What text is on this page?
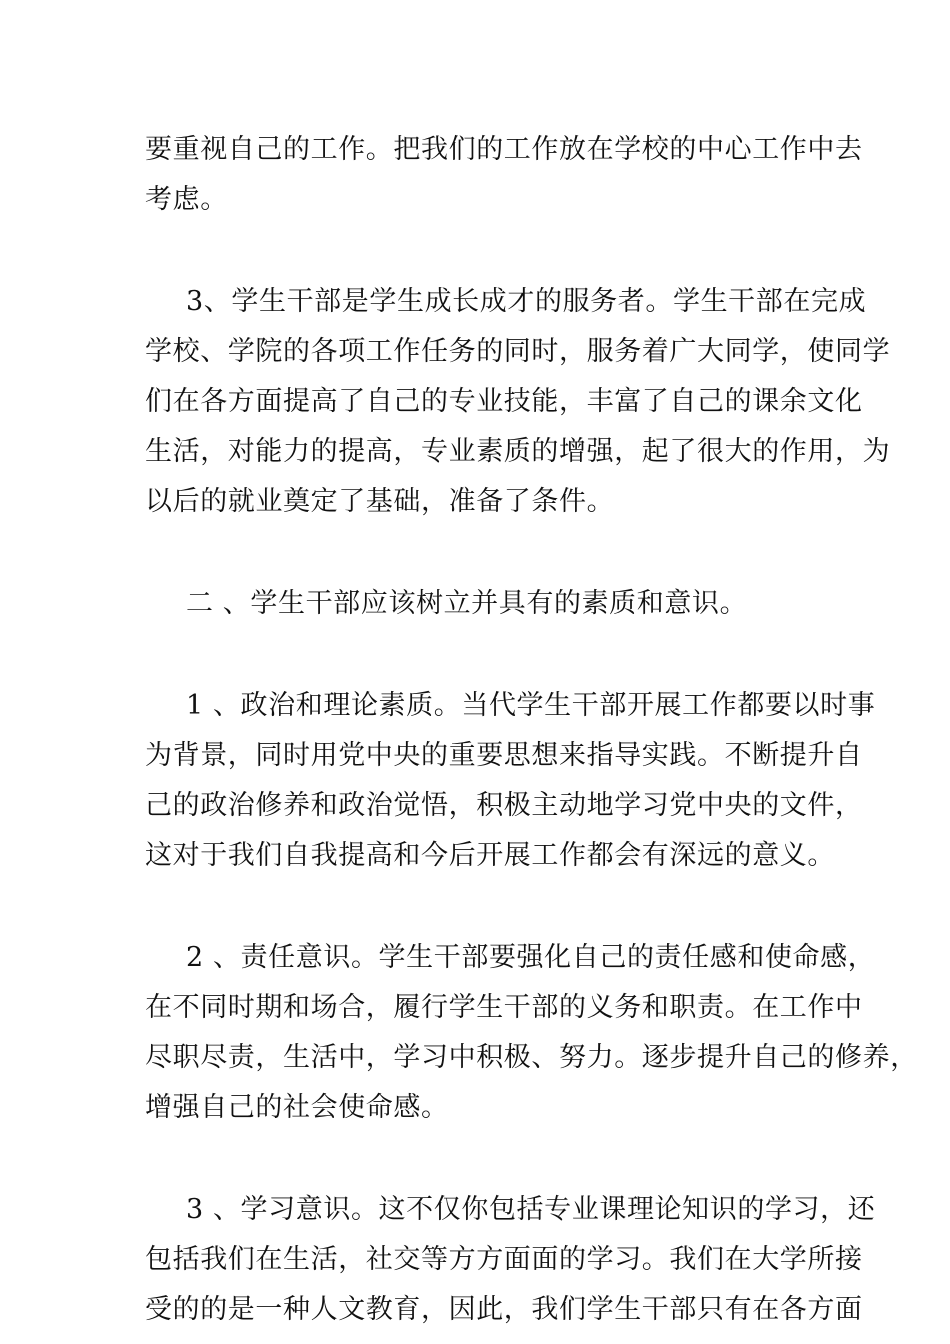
要重视自己的工作。把我们的工作放在学校的中心工作中去
考虑。
3、学生干部是学生成长成才的服务者。学生干部在完成
学校、学院的各项工作任务的同时，服务着广大同学，使同学
们在各方面提高了自己的专业技能，丰富了自己的课余文化
生活，对能力的提高，专业素质的增强，起了很大的作用，为
以后的就业奠定了基础，准备了条件。
二 、学生干部应该树立并具有的素质和意识。
1 、政治和理论素质。当代学生干部开展工作都要以时事
为背景，同时用党中央的重要思想来指导实践。不断提升自
己的政治修养和政治觉悟，积极主动地学习党中央的文件，
这对于我们自我提高和今后开展工作都会有深远的意义。
2 、责任意识。学生干部要强化自己的责任感和使命感，
在不同时期和场合，履行学生干部的义务和职责。在工作中
尽职尽责，生活中，学习中积极、努力。逐步提升自己的修养，
增强自己的社会使命感。
3 、学习意识。这不仅你包括专业课理论知识的学习，还
包括我们在生活，社交等方方面面的学习。我们在大学所接
受的的是一种人文教育，因此，我们学生干部只有在各方面
